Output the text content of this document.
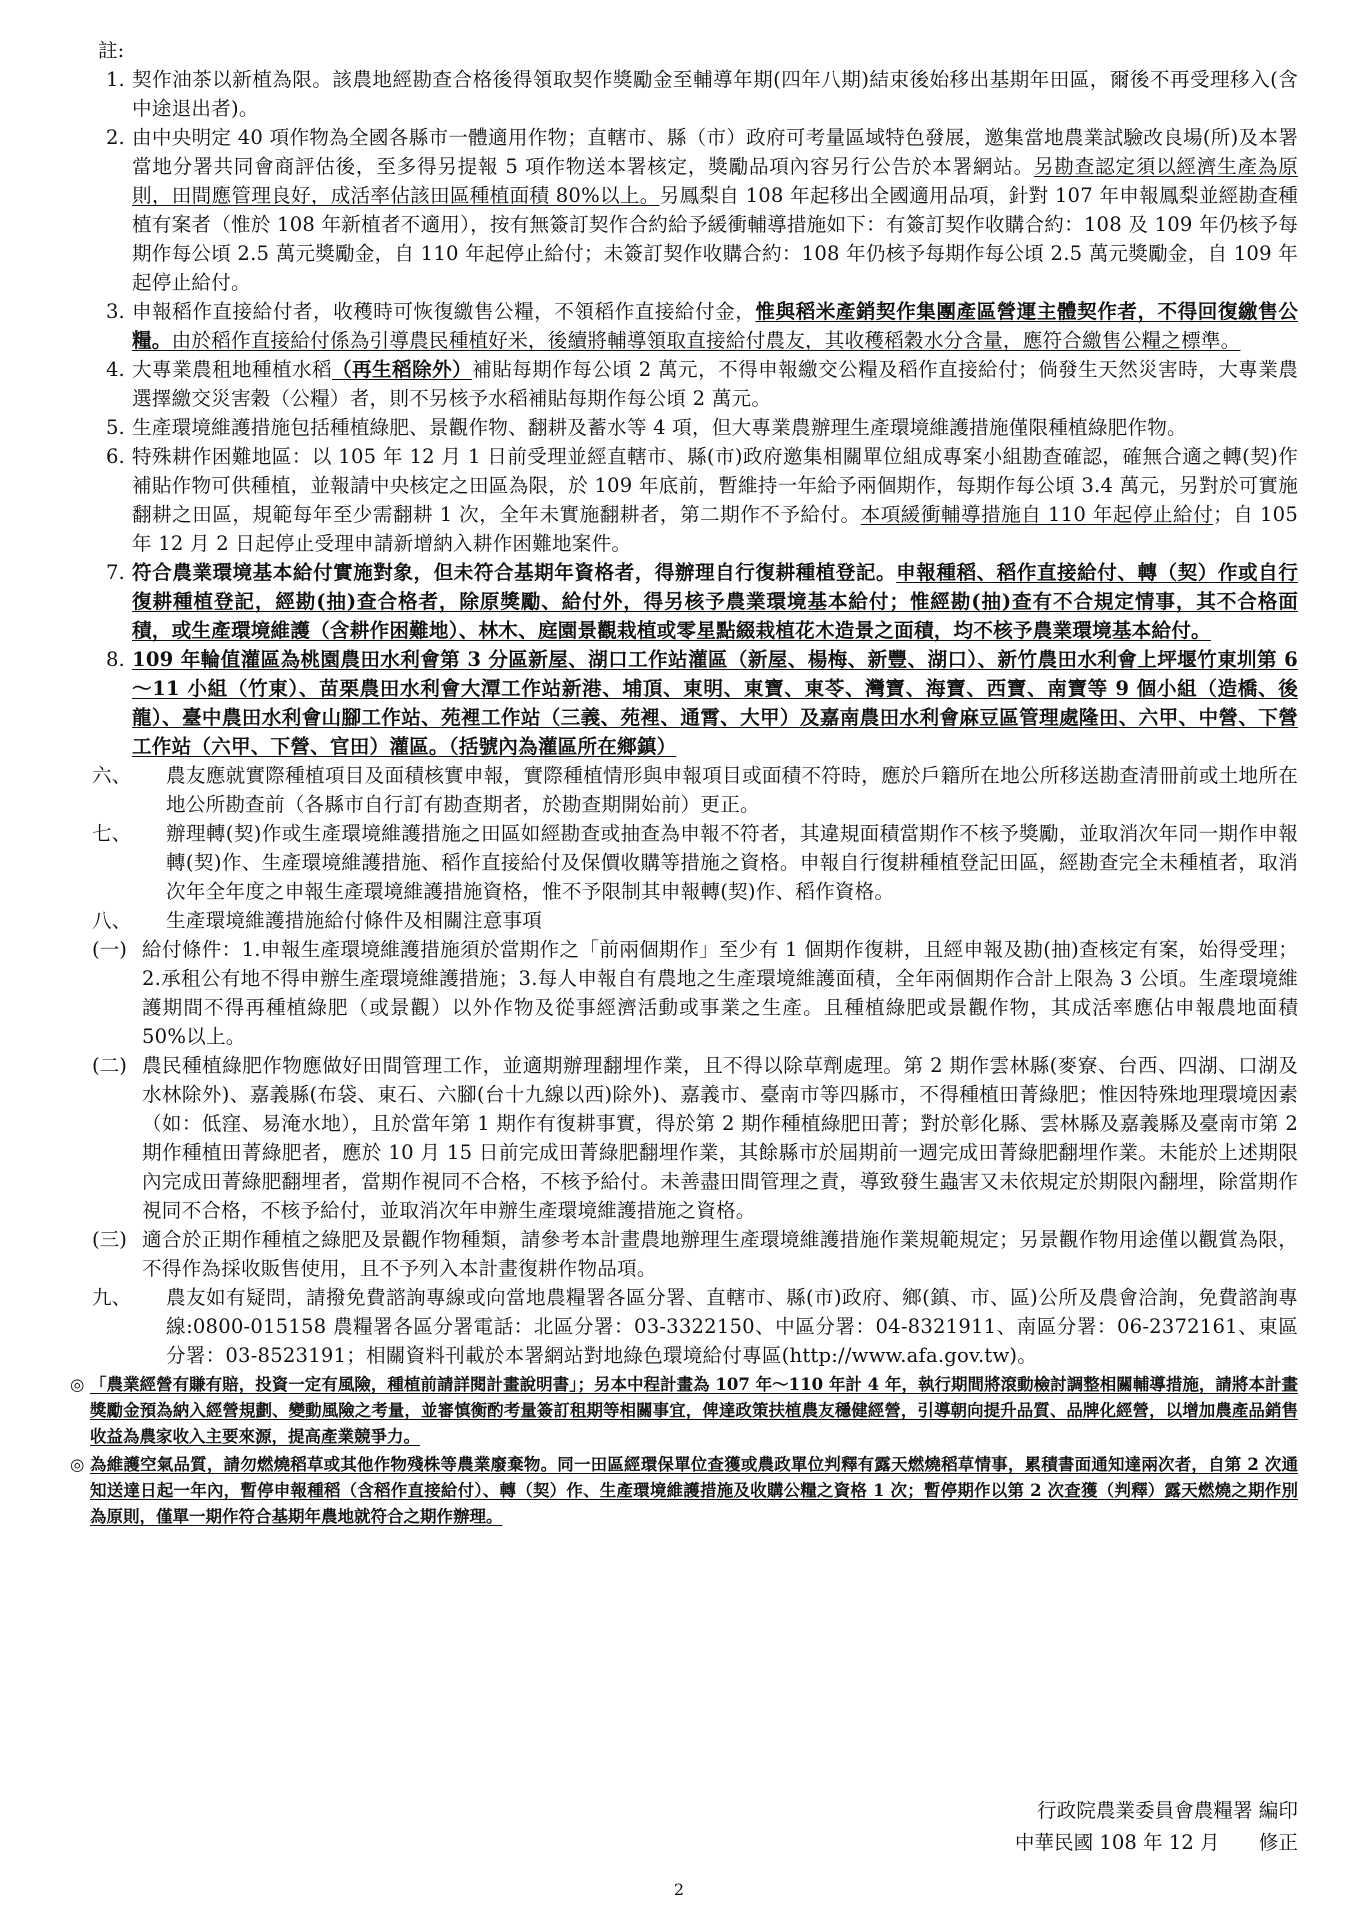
註:

1. 契作油茶以新植為限。該農地經勘查合格後得領取契作獎勵金至輔導年期(四年八期)結束後始移出基期年田區，爾後不再受理移入(含中途退出者)。

2. 由中央明定 40 項作物為全國各縣市一體適用作物；直轄市、縣（市）政府可考量區域特色發展，邀集當地農業試驗改良場(所)及本署當地分署共同會商評估後，至多得另提報 5 項作物送本署核定，獎勵品項內容另行公告於本署網站。另勘查認定須以經濟生產為原則，田間應管理良好，成活率佔該田區種植面積 80%以上。另鳳梨自 108 年起移出全國適用品項，針對 107 年申報鳳梨並經勘查種植有案者（惟於 108 年新植者不適用），按有無簽訂契作合約給予緩衝輔導措施如下：有簽訂契作收購合約：108 及 109 年仍核予每期作每公頃 2.5 萬元獎勵金，自 110 年起停止給付；未簽訂契作收購合約：108 年仍核予每期作每公頃 2.5 萬元獎勵金，自 109 年起停止給付。

3. 申報稻作直接給付者，收穫時可恢復繳售公糧，不領稻作直接給付金，惟與稻米產銷契作集團產區營運主體契作者，不得回復繳售公糧。由於稻作直接給付係為引導農民種植好米，後續將輔導領取直接給付農友，其收穫稻穀水分含量，應符合繳售公糧之標準。

4. 大專業農租地種植水稻（再生稻除外）補貼每期作每公頃 2 萬元，不得申報繳交公糧及稻作直接給付；倘發生天然災害時，大專業農選擇繳交災害穀（公糧）者，則不另核予水稻補貼每期作每公頃 2 萬元。

5. 生產環境維護措施包括種植綠肥、景觀作物、翻耕及蓄水等 4 項，但大專業農辦理生產環境維護措施僅限種植綠肥作物。

6. 特殊耕作困難地區：以 105 年 12 月 1 日前受理並經直轄市、縣(市)政府邀集相關單位組成專案小組勘查確認，確無合適之轉(契)作補貼作物可供種植，並報請中央核定之田區為限，於 109 年底前，暫維持一年給予兩個期作，每期作每公頃 3.4 萬元，另對於可實施翻耕之田區，規範每年至少需翻耕 1 次，全年未實施翻耕者，第二期作不予給付。本項緩衝輔導措施自 110 年起停止給付；自 105 年 12 月 2 日起停止受理申請新增納入耕作困難地案件。

7. 符合農業環境基本給付實施對象，但未符合基期年資格者，得辦理自行復耕種植登記。申報種稻、稻作直接給付、轉（契）作或自行復耕種植登記，經勘(抽)查合格者，除原獎勵、給付外，得另核予農業環境基本給付；惟經勘(抽)查有不合規定情事，其不合格面積，或生產環境維護（含耕作困難地）、林木、庭園景觀栽植或零星點綴栽植花木造景之面積，均不核予農業環境基本給付。

8. 109 年輪值灌區為桃園農田水利會第 3 分區新屋、湖口工作站灌區（新屋、楊梅、新豐、湖口）、新竹農田水利會上坪堰竹東圳第 6～11 小組（竹東）、苗栗農田水利會大潭工作站新港、埔頂、東明、東寶、東苓、灣寶、海寶、西寶、南寶等 9 個小組（造橋、後龍）、臺中農田水利會山腳工作站、苑裡工作站（三義、苑裡、通霄、大甲）及嘉南農田水利會麻豆區管理處隆田、六甲、中營、下營工作站（六甲、下營、官田）灌區。（括號內為灌區所在鄉鎮）

六、	農友應就實際種植項目及面積核實申報，實際種植情形與申報項目或面積不符時，應於戶籍所在地公所移送勘查清冊前或土地所在地公所勘查前（各縣市自行訂有勘查期者，於勘查期開始前）更正。

七、	辦理轉(契)作或生產環境維護措施之田區如經勘查或抽查為申報不符者，其違規面積當期作不核予獎勵，並取消次年同一期作申報轉(契)作、生產環境維護措施、稻作直接給付及保價收購等措施之資格。申報自行復耕種植登記田區，經勘查完全未種植者，取消次年全年度之申報生產環境維護措施資格，惟不予限制其申報轉(契)作、稻作資格。

八、	生產環境維護措施給付條件及相關注意事項

(一) 給付條件：1.申報生產環境維護措施須於當期作之「前兩個期作」至少有 1 個期作復耕，且經申報及勘(抽)查核定有案，始得受理；2.承租公有地不得申辦生產環境維護措施；3.每人申報自有農地之生產環境維護面積，全年兩個期作合計上限為 3 公頃。生產環境維護期間不得再種植綠肥（或景觀）以外作物及從事經濟活動或事業之生產。且種植綠肥或景觀作物，其成活率應佔申報農地面積 50%以上。

(二) 農民種植綠肥作物應做好田間管理工作，並適期辦理翻埋作業，且不得以除草劑處理。第 2 期作雲林縣(麥寮、台西、四湖、口湖及水林除外)、嘉義縣(布袋、東石、六腳(台十九線以西)除外)、嘉義市、臺南市等四縣市，不得種植田菁綠肥；惟因特殊地理環境因素（如：低窪、易淹水地），且於當年第 1 期作有復耕事實，得於第 2 期作種植綠肥田菁；對於彰化縣、雲林縣及嘉義縣及臺南市第 2 期作種植田菁綠肥者，應於 10 月 15 日前完成田菁綠肥翻埋作業，其餘縣市於屆期前一週完成田菁綠肥翻埋作業。未能於上述期限內完成田菁綠肥翻埋者，當期作視同不合格，不核予給付。未善盡田間管理之責，導致發生蟲害又未依規定於期限內翻埋，除當期作視同不合格，不核予給付，並取消次年申辦生產環境維護措施之資格。

(三) 適合於正期作種植之綠肥及景觀作物種類，請參考本計畫農地辦理生產環境維護措施作業規範規定；另景觀作物用途僅以觀賞為限，不得作為採收販售使用，且不予列入本計畫復耕作物品項。

九、	農友如有疑問，請撥免費諮詢專線或向當地農糧署各區分署、直轄市、縣(市)政府、鄉(鎮、市、區)公所及農會洽詢，免費諮詢專線:0800-015158 農糧署各區分署電話：北區分署：03-3322150、中區分署：04-8321911、南區分署：06-2372161、東區分署：03-8523191；相關資料刊載於本署網站對地綠色環境給付專區(http://www.afa.gov.tw)。

◎ 「農業經營有賺有賠，投資一定有風險，種植前請詳閱計畫說明書」；另本中程計畫為 107 年～110 年計 4 年，執行期間將滾動檢討調整相關輔導措施，請將本計畫獎勵金預為納入經營規劃、變動風險之考量，並審慎衡酌考量簽訂租期等相關事宜，俾達政策扶植農友穩健經營，引導朝向提升品質、品牌化經營，以增加農產品銷售收益為農家收入主要來源，提高產業競爭力。
◎ 為維護空氣品質，請勿燃燒稻草或其他作物殘株等農業廢棄物。同一田區經環保單位查獲或農政單位判釋有露天燃燒稻草情事，累積書面通知達兩次者，自第 2 次通知送達日起一年內，暫停申報種稻（含稻作直接給付）、轉（契）作、生產環境維護措施及收購公糧之資格 1 次；暫停期作以第 2 次查獲（判釋）露天燃燒之期作別為原則，僅單一期作符合基期年農地就符合之期作辦理。
行政院農業委員會農糧署 編印
中華民國 108 年 12 月　　修正
2
